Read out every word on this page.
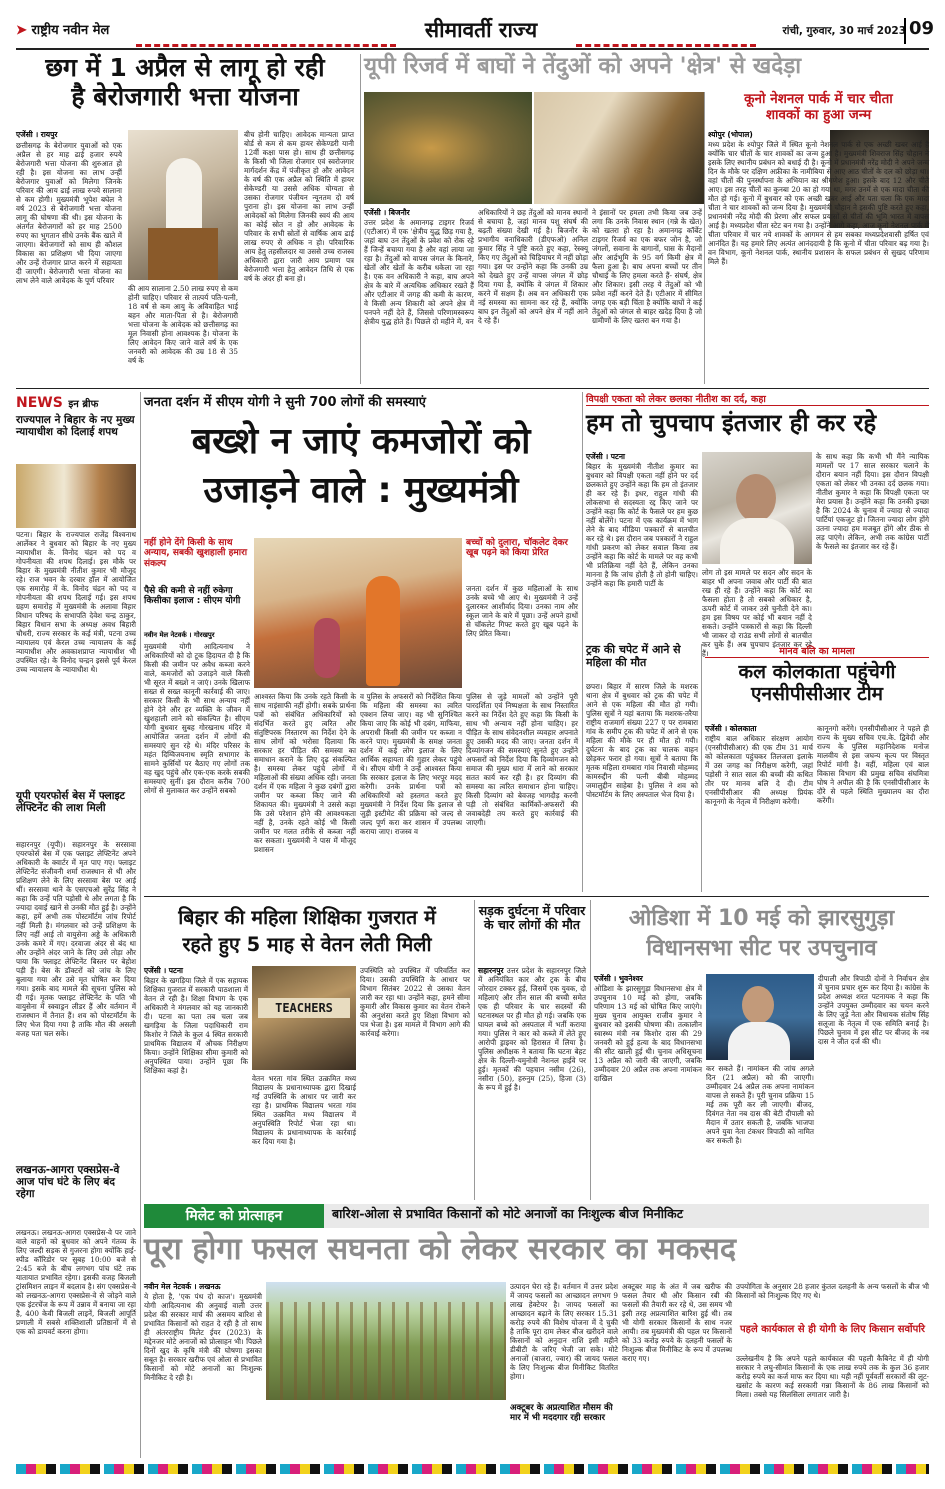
➤ राष्ट्रीय नवीन मेल	सीमावर्ती राज्य	रांची, गुरुवार, 30 मार्च 2023 09
छग में 1 अप्रैल से लागू हो रही
है बेरोजगारी भत्ता योजना
एजेंसी । रायपुर
छत्तीसगढ़ के बेरोजगार युवाओं को एक अप्रैल से हर माह ढाई हजार रुपये बेरोजगारी भत्ता योजना की शुरुआत हो रही है। इस योजना का लाभ उन्हीं बेरोजगार युवाओं को मिलेगा जिनके परिवार की आय ढाई लाख रुपये सालाना से कम होगी। मुख्यमंत्री भूपेश बघेल ने वर्ष 2023 से बेरोजगारी भत्ता योजना लागू की घोषणा की थी। इस योजना के अंतर्गत बेरोजगारों को हर माह 2500 रुपए का भुगतान सीधे उनके बैंक खाते में जाएगा। बेरोजगारों को साथ ही कौशल विकास का प्रशिक्षण भी दिया जाएगा और उन्हें रोजगार प्राप्त करने में सहायता दी जाएगी। बेरोजगारी भत्ता योजना का लाभ लेने वाले आवेदक के पूर्ण परिवार
की आय सालाना 2.50 लाख रुपए से कम होनी चाहिए। परिवार से तात्पर्य पति-पत्नी, 18 वर्ष से कम आयु के अविवाहित भाई बहन और माता-पिता से है। बेरोजगारी भत्ता योजना के आवेदक को छत्तीसगढ़ का मूल निवासी होना आवश्यक है। योजना के लिए आवेदन किए जाने वाले वर्ष के एक जनवरी को आवेदक की उम्र 18 से 35 वर्ष के
बीच होनी चाहिए। आवेदक मान्यता प्राप्त बोर्ड से कम से कम हायर सेकेण्डरी यानी 12वीं कक्षा पास हो। साथ ही छत्तीसगढ़ के किसी भी जिला रोजगार एवं स्वरोजगार मार्गदर्शन केंद्र में पंजीकृत हो और आवेदन के वर्ष की एक अप्रैल को स्थिति में हायर सेकेण्डरी या उससे अधिक योग्यता से उसका रोजगार पंजीयन न्यूनतम दो वर्ष पुराना हो। इस योजना का लाभ उन्हीं आवेदकों को मिलेगा जिनकी स्वयं की आय का कोई स्रोत न हो और आवेदक के परिवार के सभी स्रोतों से वार्षिक आय ढाई लाख रुपए से अधिक न हो। परिवारिक आय हेतु तहसीलदार या उससे उच्च राजस्व अधिकारी द्वारा जारी आय प्रमाण पत्र बेरोजगारी भत्ता हेतु आवेदन तिथि से एक वर्ष के अंदर ही बना हो।
यूपी रिजर्व में बाघों ने तेंदुओं को अपने 'क्षेत्र' से खदेड़ा
एजेंसी । बिजनौर
उत्तर प्रदेश के अमानगढ़ टाइगर रिजर्व (एटीआर) में एक 'क्षेत्रीय युद्ध छिड़ गया है, जहां बाघ उन तेंदुओं के प्रवेश को रोक रहे हैं जिन्हें बचाया गया है और वहां लाया जा रहा है। तेंदुओं को वापस जंगल के किनारे, खेतों और खेतों के करीब धकेला जा रहा है। एक वन अधिकारी ने कहा, बाघ अपने क्षेत्र के बारे में अत्यधिक अधिकार रखते हैं और एटीआर में जगह की कमी के कारण, वे किसी अन्य शिकारी को अपने क्षेत्र में पनपने नहीं देते हैं, जिससे परिणामस्वरूप क्षेत्रीय युद्ध होते हैं। पिछले दो महीने में, वन
अधिकारियों ने छह तेंदुओं को मानव स्थानों से बचाया है, जहां मानव पशु संघर्ष की बढ़ती संख्या देखी गई है। बिजनौर के प्रभागीय वनाधिकारी (डीएफओ) अनिल कुमार सिंह ने पुष्टि करते हुए कहा, रेस्क्यू किए गए तेंदुओं को चिड़ियाघर में नहीं छोड़ा गया। इस पर उन्होंने कहा कि उनकी उम्र को देखते हुए उन्हें वापस जंगल में छोड़ दिया गया है, क्योंकि वे जंगल में शिकार करने में सक्षम हैं। अब वन अधिकारी एक नई समस्या का सामना कर रहे हैं, क्योंकि बाघ इन तेंदुओं को अपने क्षेत्र में नहीं आने दे रहे हैं।
ने इंसानों पर हमला तभी किया जब उन्हें लगा कि उनके निवास स्थान (गन्ने के खेत) को खतरा हो रहा है। अमानगढ़ कॉर्बेट टाइगर रिजर्व का एक बफर जोन है, जो जंगलों, सवाना के बागानों, घास के मैदानों और आर्द्रभूमि के 95 वर्ग किमी क्षेत्र में फैला हुआ है। बाघ अपना बच्चों पर तीन चौथाई के लिए हमला करते हैं- संघर्ष, क्षेत्र और शिकार। इसी तरह ये तेंदुओं को भी प्रवेश नहीं करने देते हैं। एटीआर में सीमित जगह एक बड़ी चिंता है क्योंकि बाघों ने कई तेंदुओं को जंगल से बाहर खदेड़ दिया है जो ग्रामीणों के लिए खतरा बन गया है।
कूनो नेशनल पार्क में चार चीता
शावकों का हुआ जन्म
श्योपुर (भोपाल)
मध्य प्रदेश के श्योपुर जिले में स्थित कूनो नेशनल पार्क से एक अच्छी खबर आई है क्योंकि चार चीतों के चार शावकों का जन्म हुआ है। मुख्यमंत्री शिवराज सिंह चौहान ने इसके लिए स्थानीय प्रबंधन को बधाई दी है। कूनो में प्रधानमंत्री नरेंद्र मोदी ने अपने जन्म दिन के मौके पर दक्षिण अफ्रीका के नामीबिया से आए आठ चीतों के दल को छोड़ा था। वहां चीतों की पुनर्स्थापना के अभियान का श्रीगणेश हुआ। इसके बाद 12 और चीते आए। इस तरह चीतों का कुनबा 20 का हो गया था, मगर उनमें से एक मादा चीता की मौत हो गई। कूनो में बुधवार को एक अच्छी खबर आई और पता चला कि एक मादा चीता ने चार शावकों को जन्म दिया है। मुख्यमंत्री चौहान ने इसकी पुष्टि करते हुए कहा, प्रधानमंत्री नरेंद्र मोदी की प्रेरणा और सफल प्रयासों से चीतों की भूमि भारत में वापस आई है। मध्यप्रदेश चीता स्टेट बन गया है। उन्होंने आगे कहा, आज कूनो नेशनल पार्क में चीता परिवार में चार नये शावकों के आगमन से हम सबका मध्यप्रदेशवासी हर्षित एवं आनंदित हैं। यह हमारे लिए अत्यंत आनंददायी है कि कूनो में चीता परिवार बढ़ गया है। वन विभाग, कूनो नेशनल पार्क, स्थानीय प्रशासन के सफल प्रबंधन से सुखद परिणाम मिले हैं।
NEWS इन ब्रीफ
राज्यपाल ने बिहार के नए मुख्य न्यायाधीश को दिलाई शपथ
पटना। बिहार के राज्यपाल राजेंद्र विश्वनाथ आर्लेकर ने बुधवार को बिहार के नए मुख्य न्यायाधीश के. विनोद चंद्रन को पद व गोपनीयता की शपथ दिलाई। इस मौके पर बिहार के मुख्यमंत्री नीतीश कुमार भी मौजूद रहे। राज भवन के दरबार हॉल में आयोजित एक समारोह में के. विनोद चंद्रन को पद व गोपनीयता की शपथ दिलाई गई। इस शपथ ग्रहण समारोह में मुख्यमंत्री के अलावा विहार विधान परिषद के सभापति देवेश चन्द्र ठाकुर, बिहार विधान सभा के अध्यक्ष अवध बिहारी चौधरी, राज्य सरकार के कई मंत्री, पटना उच्च न्यायालय एवं केरल उच्च न्यायालय के कई न्यायाधीश और अवकाशप्राप्त न्यायाधीश भी उपस्थित रहे। के विनोद चन्द्रन इससे पूर्व केरल उच्च न्यायालय के न्यायाधीश थे।
यूपी एयरफोर्स बेस में फ्लाइट लेफ्टिनेंट की लाश मिली
सहारनपुर (यूपी)। सहारनपुर के सरसावा एयरफोर्स बेस में एक फ्लाइट लेफ्टिनेंट अपने अधिकारी के क्वार्टर में मृत पाए गए। फ्लाइट लेफ्टिनेंट संजीवनी शर्मा राजस्थान से थी और प्रशिक्षण लेने के लिए सरसावा बेस पर आई थीं। सरसावा थाने के एसएचओ सुरेंद्र सिंह ने कहा कि उन्हें पति पड़ोसी थे और लगता है कि ज्यादा दवाई खाने से उनकी मौत हुई है। उन्होंने कहा, हमें अभी तक पोस्टमॉर्टम जांच रिपोर्ट नहीं मिली है। मंगलवार को उन्हें प्रशिक्षण के लिए नहीं आई तो वायुसेना अड्डे के अधिकारी उनके कमरे में गए। दरवाजा अंदर से बंद था और उन्होंने अंदर जाने के लिए उसे तोड़ा और पाया कि फ्लाइट लेफ्टिनेंट बिस्तर पर बेहोश पड़ी हैं। बेस के डॉक्टरों को जांच के लिए बुलाया गया और उसे मृत घोषित कर दिया गया। इसके बाद मामले की सूचना पुलिस को दी गई। मृतक फ्लाइट लेफ्टिनेंट के पति भी वायुसेना में स्क्वाड्रन लीडर हैं और वर्तमान में राजस्थान में तैनात हैं। शव को पोस्टमॉर्टम के लिए भेज दिया गया है ताकि मौत की असली वजह पता चल सके।
लखनऊ-आगरा एक्सप्रेस-वे आज पांच घंटे के लिए बंद रहेगा
लखनऊ। लखनऊ-आगरा एक्सप्रेस-वे पर जाने वाले वाहनों को बुधवार को अपने गंतव्य के लिए जल्दी सड़क से गुजरना होगा क्योंकि हाई-स्पीड कॉरिडोर पर सुबह 10:00 बजे से 2:45 बजे के बीच लगभग पांच घंटे तक यातायात प्रभावित रहेगा। इसकी वजह बिजली ट्रांसमिशन लाइन में बदलाव है। संग एक्सप्रेस-वे को लखनऊ-आगरा एक्सप्रेस-वे से जोड़ने वाले एक इंटरचेंज के रूप में उन्नाव में बनाया जा रहा है, 400 केवी बिजली लाइनें, बिजली आपूर्ति प्रणाली में सबसे शक्तिशाली प्रतिष्ठानों में से एक को डायवर्ट करना होगा।
जनता दर्शन में सीएम योगी ने सुनी 700 लोगों की समस्याएं
बख्शे न जाएं कमजोरों को
उजाड़ने वाले : मुख्यमंत्री
नहीं होने देंगे किसी के साथ अन्याय, सबकी खुशहाली हमारा संकल्प
पैसे की कमी से नहीं रुकेगा किसीका इलाज : सीएम योगी
बच्चों को दुलारा, चॉकलेट देकर खूब पढ़ने को किया प्रेरित
जनता दर्शन में कुछ महिलाओं के साथ उनके बच्चे भी आए थे। मुख्यमंत्री ने उन्हें दुलारकर आशीर्वाद दिया। उनका नाम और स्कूल जाने के बारे में पूछा। उन्हें अपने हाथों से चॉकलेट गिफ्ट करते हुए खूब पढ़ने के लिए प्रेरित किया।
नवीन मेल नेटवर्क । गोरखपुर
मुख्यमंत्री योगी आदित्यनाथ ने अधिकारियों को दो टूक हिदायत दी है कि किसी की जमीन पर अवैध कब्जा करने वाले, कमजोरों को उजाड़ने वाले किसी भी सूरत में बख्शे न जाएं। उनके खिलाफ सख्त से सख्त कानूनी कार्रवाई की जाए। सरकार किसी के भी साथ अन्याय नहीं होने देने और हर व्यक्ति के जीवन में खुशहाली लाने को संकल्पित है। सीएम योगी बुधवार सुबह गोरखनाथ मंदिर में आयोजित जनता दर्शन में लोगों की समस्याएं सुन रहे थे। मंदिर परिसर के महंत दिग्विजयनाथ स्मृति सभागार के सामने कुर्सियों पर बैठाए गए लोगों तक वह खुद पहुंचे और एक-एक करके सबकी समस्याएं सुनीं। इस दौरान करीब 700 लोगों से मुलाकात कर उन्होंने सबको
आश्वस्त किया कि उनके रहते किसी के साथ नाइंसाफी नहीं होगी। सबके प्रार्थना पत्रों को संबंधित अधिकारियों को संदर्भित करते हुए त्वरित और संतुष्टिपरक निस्तारण का निर्देश देने के साथ लोगों को भरोसा दिलाया कि सरकार हर पीड़ित की समस्या का समाधान कराने के लिए दृढ़ संकल्पित है। समस्या लेकर पहुंचे लोगों में महिलाओं की संख्या अधिक रही। जनता दर्शन में एक महिला ने कुछ दबंगों द्वारा जमीन पर कब्जा किए जाने की शिकायत की। मुख्यमंत्री ने उससे कहा कि उसे परेशान होने की आवश्यकता नहीं है, उनके रहते कोई भी किसी जमीन पर गलत तरीके से कब्जा नहीं कर सकता। मुख्यमंत्री ने पास में मौजूद प्रशासन
व पुलिस के अफसरों को निर्देशित किया कि महिला की समस्या का त्वरित एक्शन लिया जाए। वह भी सुनिश्चित किया जाए कि कोई भी दबंग, माफिया, अपराधी किसी की जमीन पर कब्जा न करने पाए। मुख्यमंत्री के समक्ष जनता दर्शन में कई लोग इलाज के लिए आर्थिक सहायता की गुहार लेकर पहुंचे थे। सीएम योगी ने उन्हें आश्वस्त किया कि सरकार इलाज के लिए भरपूर मदद करेगी। उनके प्रार्थना पत्रों को अधिकारियों को हस्तगत करते हुए मुख्यमंत्री ने निर्देश दिया कि इलाज से जुड़ी इस्टीमेट की प्रक्रिया को जल्द से जल्द पूर्ण करा कर शासन में उपलब्ध कराया जाए। राजस्व व
पुलिस से जुड़े मामलों को उन्होंने पूरी पारदर्शिता एवं निष्पक्षता के साथ निस्तारित करने का निर्देश देते हुए कहा कि किसी के साथ भी अन्याय नहीं होना चाहिए। हर पीड़ित के साथ संवेदनशील व्यवहार अपनाते हुए उसकी मदद की जाए। जनता दर्शन में दिव्यांगजन की समस्याएं सुनते हुए उन्होंने अफसरों को निर्देश दिया कि दिव्यांगजन को समाज की मुख्य धारा में लाने को सरकार सतत कार्य कर रही है। हर दिव्यांग की समस्या का त्वरित समाधान होना चाहिए। किसी दिव्यांग को बेवजह भागदौड़ करनी पड़ी तो संबंधित कार्मिकों-अफसरों की जवाबदेही तय करते हुए कार्रवाई की जाएगी।
विपक्षी एकता को लेकर छलका नीतीश का दर्द, कहा
हम तो चुपचाप इंतजार ही कर रहे
एजेंसी । पटना
बिहार के मुख्यमंत्री नीतीश कुमार का बुधवार को विपक्षी एकता नहीं होने पर दर्द छलकाते हुए उन्होंने कहा कि हम तो इंतजार ही कर रहे हैं। इधर, राहुल गांधी की लोकसभा से सदस्यता रद्द किए जाने पर उन्होंने कहा कि कोर्ट के फैसले पर हम कुछ नहीं बोलेंगे। पटना में एक कार्यक्रम में भाग लेने के बाद मीडिया पत्रकारों से बातचीत कर रहे थे। इस दौरान जब पत्रकारों ने राहुल गांधी प्रकरण को लेकर सवाल किया तब उन्होंने कहा कि कोर्ट के मामले पर वह कभी भी प्रतिक्रिया नहीं देते हैं, लेकिन उनका मानना है कि जांच होती है तो होनी चाहिए। उन्होंने कहा कि हमारी पार्टी के
लोग तो इस मामले पर सदन और सदन के बाहर भी अपना जवाब और पार्टी की बात रख ही रहे हैं। उन्होंने कहा कि कोर्ट का फैसला होता है तो सबको अधिकार है, ऊपरी कोर्ट में जाकर उसे चुनौती देने का। हम इस विषय पर कोई भी बयान नहीं दे सकते। उन्होंने पत्रकारों से कहा कि दिल्ली भी जाकर दो राउंड सभी लोगों से बातचीत कर चुके हैं। अब चुपचाप इंतजार कर रहे हैं।
के साथ कहा कि कभी भी मैंने न्यायिक मामलों पर 17 साल सरकार चलाने के दौरान बयान नहीं दिया। इस दौरान विपक्षी एकता को लेकर भी उनका दर्द छलक गया। नीतीश कुमार ने कहा कि विपक्षी एकता पर मेरा प्रयास है। उन्होंने कहा कि उनकी इच्छा है कि 2024 के चुनाव में ज्यादा से ज्यादा पार्टियां एकजुट हो। जितना ज्यादा लोग होंगे उतना ज्यादा हम मजबूत होंगे और ठीक से लड़ पाएंगे। लेकिन, अभी तक कांग्रेस पार्टी के फैसले का इंतजार कर रहे हैं।
ट्रक की चपेट में आने से महिला की मौत
छपरा। बिहार में सारण जिले के मशरक थाना क्षेत्र में बुधवार को ट्रक की चपेट में आने से एक महिला की मौत हो गयी। पुलिस सूत्रों ने यहां बताया कि मशरक-तरैया राष्ट्रीय राजमार्ग संख्या 227 ए पर रामबारा गांव के समीप ट्रक की चपेट में आने से एक महिला की मौके पर ही मौत हो गयी। दुर्घटना के बाद ट्रक का चालक वाहन छोड़कर फरार हो गया। सूत्रों ने बताया कि मृतक महिला रामबारा गांव निवासी मोहम्मद कामरुद्दीन की पत्नी बीबी मोहम्मद जमालुद्दीन साहेबा है। पुलिस ने शव को पोस्टमॉर्टम के लिए अस्पताल भेज दिया है।
मानव बलि का मामला
कल कोलकाता पहुंचेगी
एनसीपीसीआर टीम
एजेंसी । कोलकाता
राष्ट्रीय बाल अधिकार संरक्षण आयोग (एनसीपीसीआर) की एक टीम 31 मार्च को कोलकाता पहुंचकर तिलजला इलाके में उस जगह का निरीक्षण करेगी, जहां पड़ोसी ने सात साल की बच्ची की कथित तौर पर मानव बलि दे दी। टीम एनसीपीसीआर की अध्यक्ष प्रियंक कानूनगो के नेतृत्व में निरीक्षण करेगी।
कानूनगो करेंगे। एनसीपीसीआर ने पहले ही राज्य के मुख्य सचिव एच.के. द्विवेदी और राज्य के पुलिस महानिदेशक मनोज मालवीय से इस जघन्य कृत्य पर विस्तृत रिपोर्ट मांगी है। वहीं, महिला एवं बाल विकास विभाग की प्रमुख सचिव संघमित्रा घोष ने अपील की है कि एनसीपीसीआर के दौरे से पहले स्थिति मुख्यालय का दौरा करेंगी।
बिहार की महिला शिक्षिका गुजरात में
रहते हुए 5 माह से वेतन लेती मिली
एजेंसी । पटना
बिहार के खगड़िया जिले में एक सहायक शिक्षिका गुजरात में सरकारी पाठशाला में वेतन ले रही है। शिक्षा विभाग के एक अधिकारी ने मंगलवार को यह जानकारी दी। पटना का पता तब चला जब खगड़िया के जिला पदाधिकारी राम किशोर ने जिले के कुल 4 स्थित सरकारी प्राथमिक विद्यालय में औचक निरीक्षण किया। उन्होंने शिक्षिका सीमा कुमारी को अनुपस्थित पाया। उन्होंने पूछा कि शिक्षिका कहां है।
TEACHERS
वेतन भरता गांव स्थित उत्क्रमित मध्य विद्यालय के प्रधानाध्यापक द्वारा दिखाई गई उपस्थिति के आधार पर जारी कर रहा है। प्राथमिक विद्यालय भरता गांव स्थित उत्क्रमित मध्य विद्यालय में अनुपस्थिति रिपोर्ट भेजा रहा था। विद्यालय के प्रधानाध्यापक के कार्रवाई कर दिया गया है।
उपस्थिति को उपस्थित में परिवर्तित कर दिया। उसकी उपस्थिति के आधार पर विभाग सितंबर 2022 से उसका वेतन जारी कर रहा था। उन्होंने कहा, हमने सीमा कुमारी और विकास कुमार का वेतन रोकने की अनुशंसा करते हुए शिक्षा विभाग को पत्र भेजा है। इस मामले में विभाग आगे की कार्रवाई करेगा।
सड़क दुर्घटना में परिवार के चार लोगों की मौत
सहारनपुर उत्तर प्रदेश के सहारनपुर जिले में अनियंत्रित कार और ट्रक के बीच जोरदार टक्कर हुई, जिसमें एक युवक, दो महिलाएं और तीन साल की बच्ची समेत एक ही परिवार के चार सदस्यों की घटनास्थल पर ही मौत हो गई। जबकि एक घायल बच्चे को अस्पताल में भर्ती कराया गया। पुलिस ने कार को कब्जे में लेते हुए आरोपी ड्राइवर को हिरासत में लिया है। पुलिस अधीक्षक ने बताया कि घटना बेहट क्षेत्र के दिल्ली-यमुनोत्री नेशनल हाईवे पर हुई। मृतकों की पहचान नसीम (26), नसीरा (50), हरुनुम (25), हिजा (3) के रूप में हुई है।
ओडिशा में 10 मई को झारसुगुड़ा
विधानसभा सीट पर उपचुनाव
एजेंसी । भुवनेश्वर
ओडिशा के झारसुगुड़ा विधानसभा क्षेत्र में उपचुनाव 10 मई को होगा, जबकि परिणाम 13 मई को घोषित किए जाएंगे। मुख्य चुनाव आयुक्त राजीव कुमार ने बुधवार को इसकी घोषणा की। तत्कालीन स्वास्थ्य मंत्री नब किशोर दास की 29 जनवरी को हुई हत्या के बाद विधानसभा की सीट खाली हुई थी। चुनाव अधिसूचना 13 अप्रैल को जारी की जाएगी, जबकि उम्मीदवार 20 अप्रैल तक अपना नामांकन दाखिल
कर सकते हैं। नामांकन की जांच अगले दिन (21 अप्रैल) को की जाएगी। उम्मीदवार 24 अप्रैल तक अपना नामांकन वापस ले सकते हैं। पूरी चुनाव प्रक्रिया 15 मई तक पूरी कर ली जाएगी। बीजद, दिवंगत नेता नब दास की बेटी दीपाली को मैदान में उतार सकती है, जबकि भाजपा अपने युवा नेता टंकधर त्रिपाठी को नामित कर सकती है।
दीपाली और त्रिपाठी दोनों ने निर्वाचन क्षेत्र में चुनाव प्रचार शुरू कर दिया है। कांग्रेस के प्रदेश अध्यक्ष शरत पटनायक ने कहा कि उन्होंने उपयुक्त उम्मीदवार का चयन करने के लिए जुड़े नेता और विधायक संतोष सिंह सलूजा के नेतृत्व में एक समिति बनाई है। पिछले चुनाव में इस सीट पर बीजद के नब दास ने जीत दर्ज की थी।
मिलेट को प्रोत्साहन	बारिश-ओला से प्रभावित किसानों को मोटे अनाजों का निःशुल्क बीज मिनीकिट
पूरा होगा फसल सघनता को लेकर सरकार का मकसद
नवीन मेल नेटवर्क । लखनऊ
ये होता है, 'एक पंथ दो काज'। मुख्यमंत्री योगी आदित्यनाथ की अनुवाई वाली उत्तर प्रदेश की सरकार मार्च की असमय बारिश से प्रभावित किसानों को राहत दे रही है तो साथ ही अंतरराष्ट्रीय मिलेट ईयर (2023) के मद्देनजर मोटे अनाजों को प्रोत्साहन भी। पिछले दिनों खुद के कृषि मंत्री की घोषणा इसका सबूत है। सरकार खरीफ एवं ओला से प्रभावित किसानों को मोटे अनाजों का निःशुल्क मिनीकिट दे रही है।
उत्पादन घेरा रहे हैं। वर्तमान में उत्तर प्रदेश में जायद फसलों का आच्छादन लगभग 9 लाख हेक्टेयर है। जायद फसलों का आच्छादन बढ़ाने के लिए सरकार 15.31 करोड़ रुपये की विशेष योजना में दे चुकी है ताकि पूरा दाम लेकर बीज खरीदने वाले किसानों को अनुदान राशि इसी महीने डीबीटी के जरिए भेजी जा सके। मोटे अनाजों (बाजरा, ज्वार) की जायद फसल के लिए निःशुल्क बीज मिनीकिट वितरित होगा।
अक्टूबर के अप्रत्याशित मौसम की मार में भी मददगार रही सरकार
अक्टूबर माह के अंत में जब खरीफ की फसल तैयार थी और किसान रबी की फसलों की तैयारी कर रहे थे, उस समय भी इसी तरह अप्रत्याशित बारिश हुई थी। तब भी योगी सरकार किसानों के साथ नजर आयी। तब मुख्यमंत्री की पहल पर किसानों को 33 करोड़ रुपये के दलहनी फसलों के निःशुल्क बीज मिनीकिट के रूप में उपलब्ध कराए गए।
उपयोगिता के अनुसार 28 हजार कुंतल दलहनी के अन्य फसलों के बीज भी किसानों को निःशुल्क दिए गए थे।
पहले कार्यकाल से ही योगी के लिए किसान सर्वोपरि
उल्लेखनीय है कि अपने पहले कार्यकाल की पहली कैबिनेट में ही योगी सरकार ने लघु-सीमांत किसानों के एक लाख रुपये तक के कुल 36 हजार करोड़ रुपये का कर्ज माफ कर दिया था। यही नहीं पूर्ववर्ती सरकारों की लूट-खसोट के कारण कई सरकारी गन्ना किसानों के 86 लाख किसानों को मिला। तबसे यह सिलसिला लगातार जारी है।
